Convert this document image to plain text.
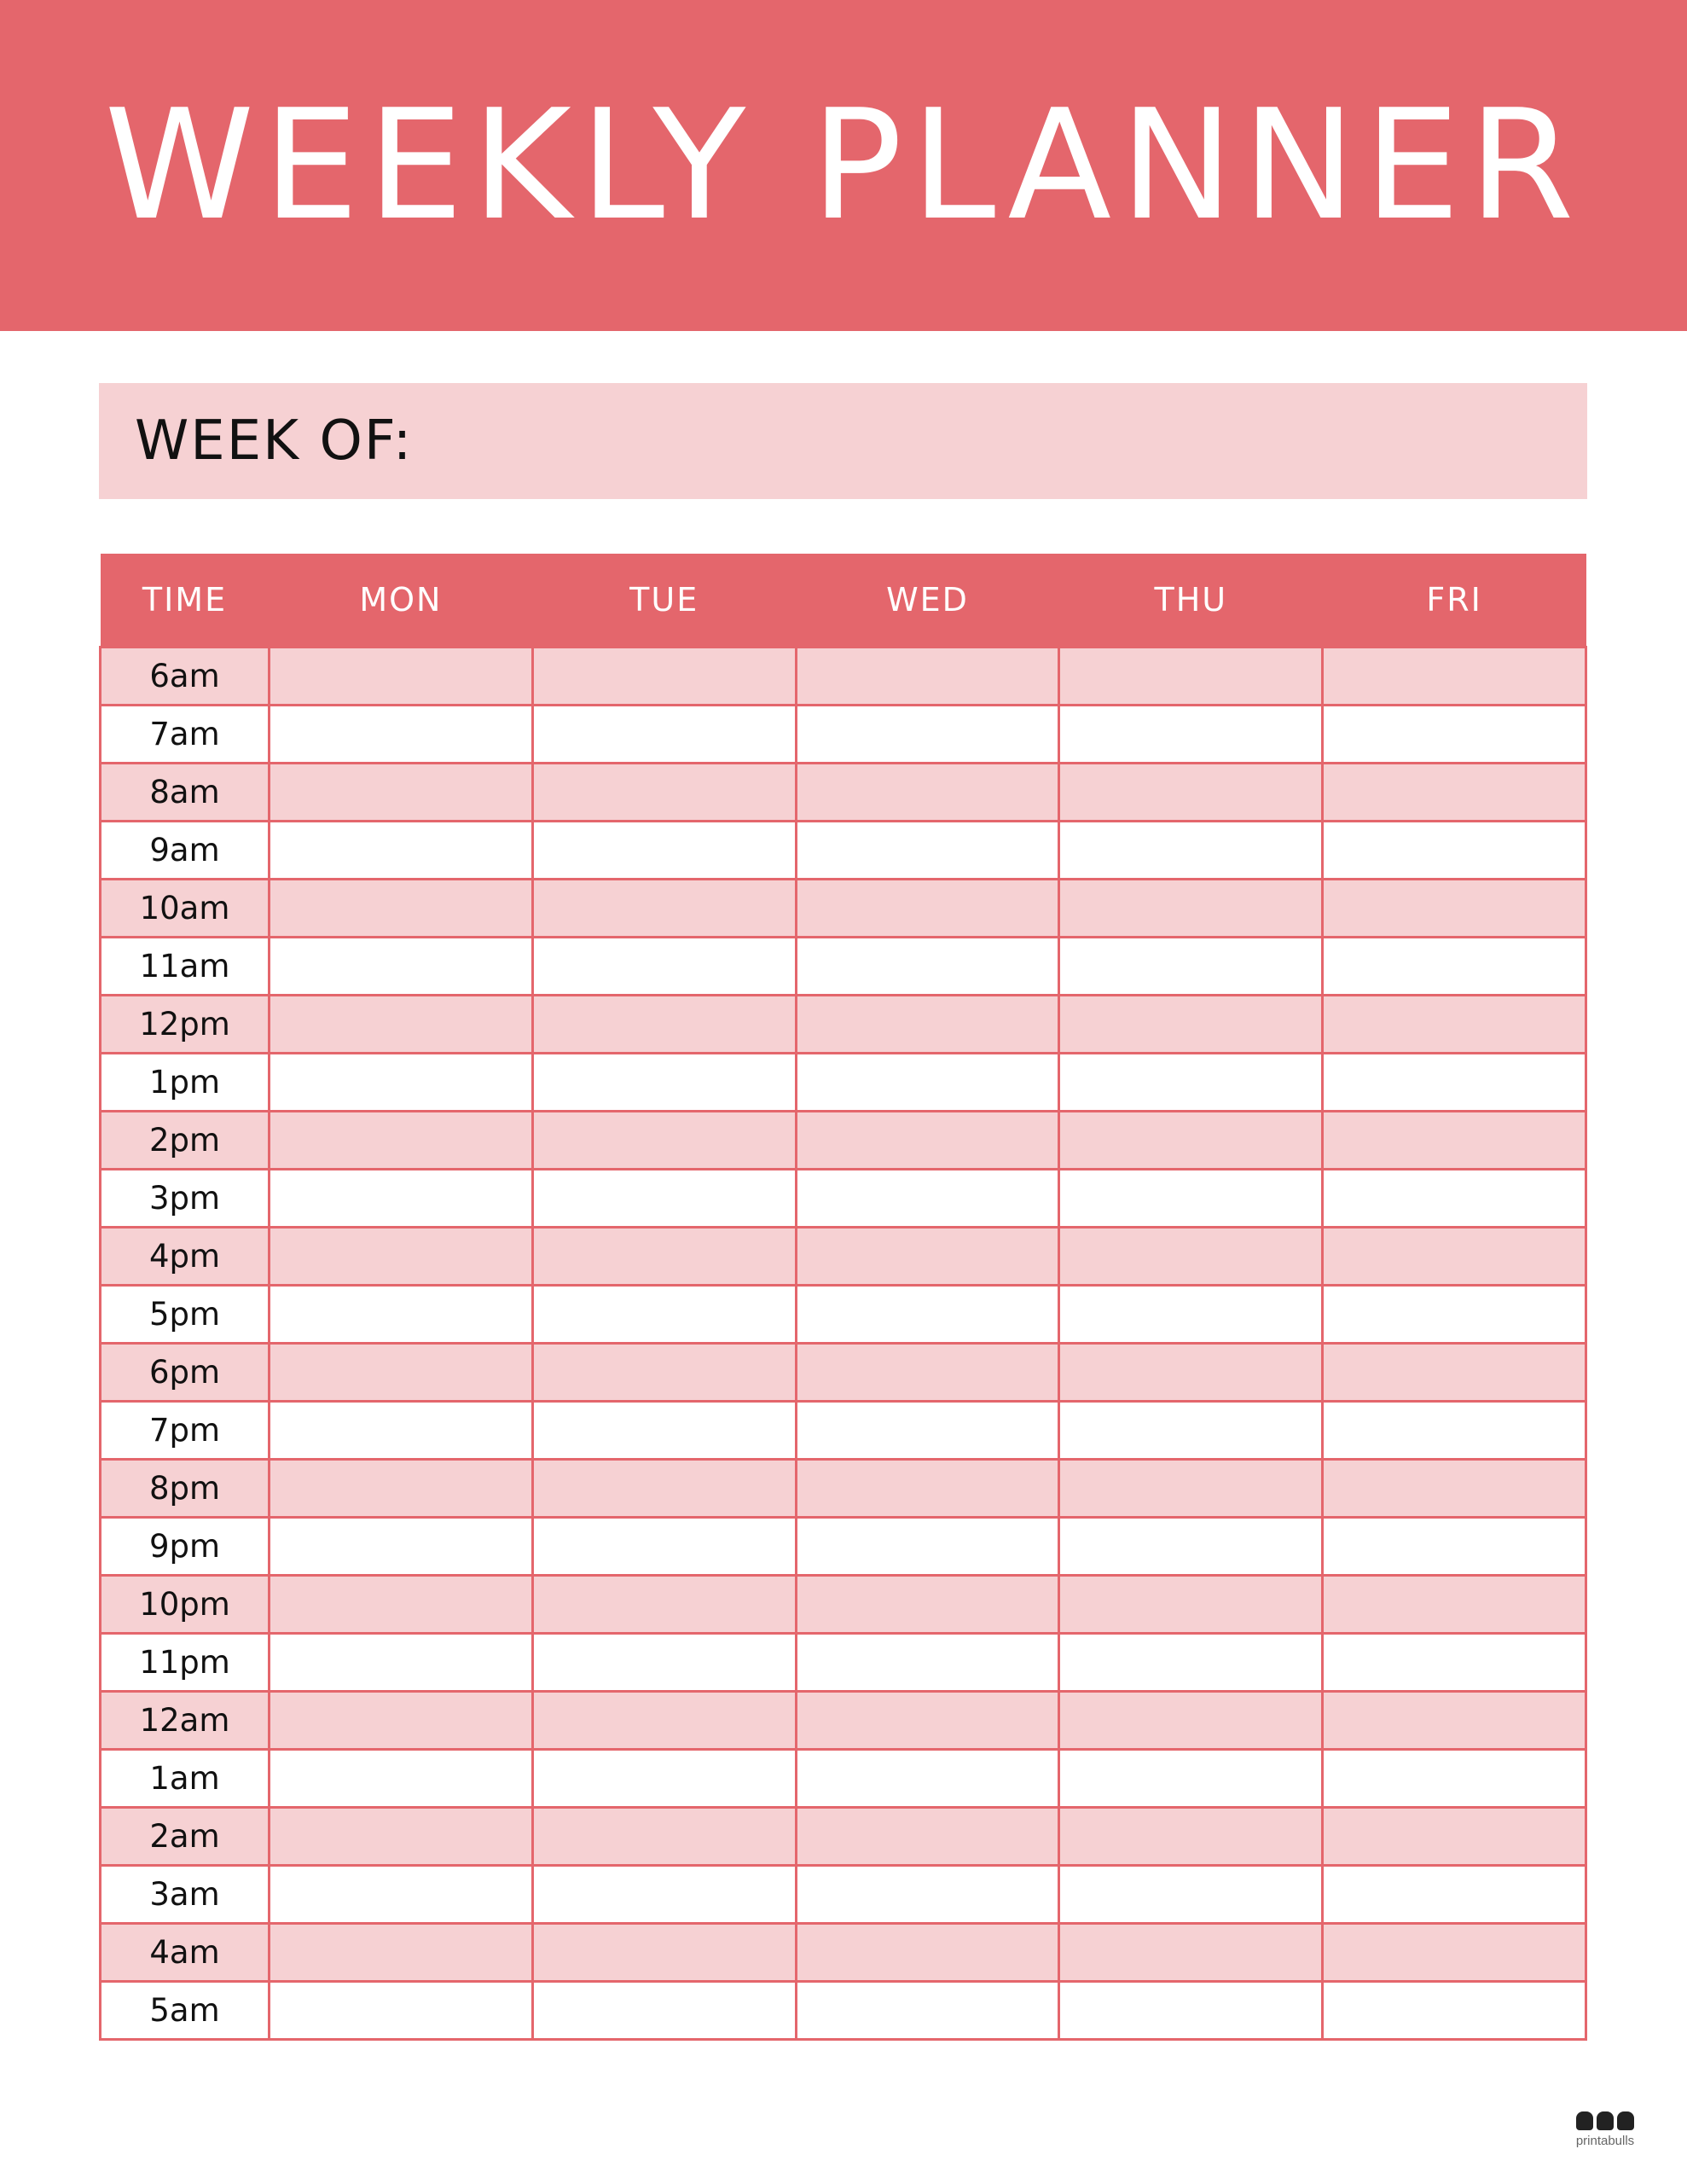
WEEKLY PLANNER
WEEK OF:
TIME	MON	TUE	WED	THU	FRI
6am					
7am					
8am					
9am					
10am					
11am					
12pm					
1pm					
2pm					
3pm					
4pm					
5pm					
6pm					
7pm					
8pm					
9pm					
10pm					
11pm					
12am					
1am					
2am					
3am					
4am					
5am					
printabulls
